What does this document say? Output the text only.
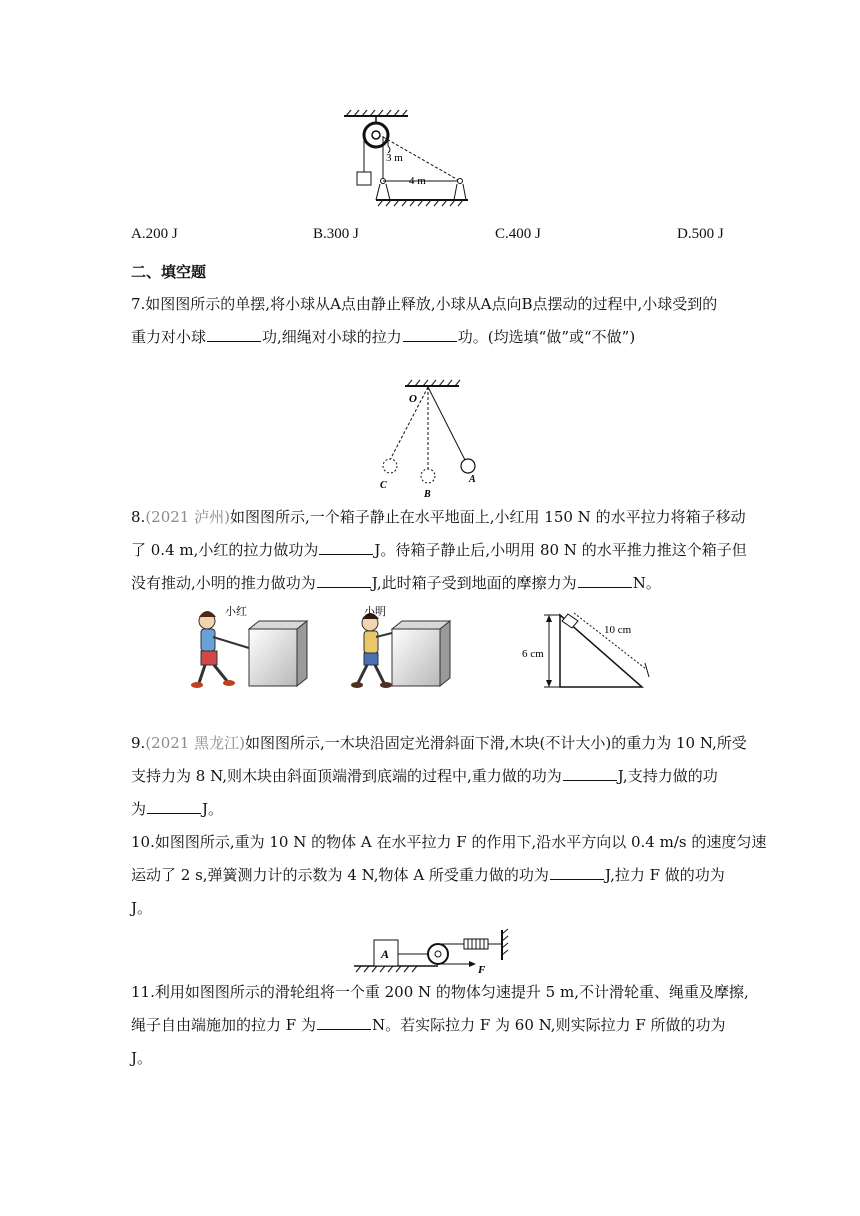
3 m
4 m
A.200 J	B.300 J	C.400 J	D.500 J
二、填空题
7.如图图所示的单摆,将小球从A点由静止释放,小球从A点向B点摆动的过程中,小球受到的
重力对小球	功,细绳对小球的拉力	功。(均选填“做”或“不做”)
O
C
B
A
8.(2021 泸州)如图图所示,一个箱子静止在水平地面上,小红用 150 N 的水平拉力将箱子移动
了 0.4 m,小红的拉力做功为	J。待箱子静止后,小明用 80 N 的水平推力推这个箱子但
没有推动,小明的推力做功为	J,此时箱子受到地面的摩擦力为	N。
小红	小明
10 cm
6 cm
9.(2021 黑龙江)如图图所示,一木块沿固定光滑斜面下滑,木块(不计大小)的重力为 10 N,所受
支持力为 8 N,则木块由斜面顶端滑到底端的过程中,重力做的功为	J,支持力做的功
为	J。
10.如图图所示,重为 10 N 的物体 A 在水平拉力 F 的作用下,沿水平方向以 0.4 m/s 的速度匀速
运动了 2 s,弹簧测力计的示数为 4 N,物体 A 所受重力做的功为	J,拉力 F 做的功为
J。
A
F
11.利用如图图所示的滑轮组将一个重 200 N 的物体匀速提升 5 m,不计滑轮重、绳重及摩擦,
绳子自由端施加的拉力 F 为	N。若实际拉力 F 为 60 N,则实际拉力 F 所做的功为
J。
